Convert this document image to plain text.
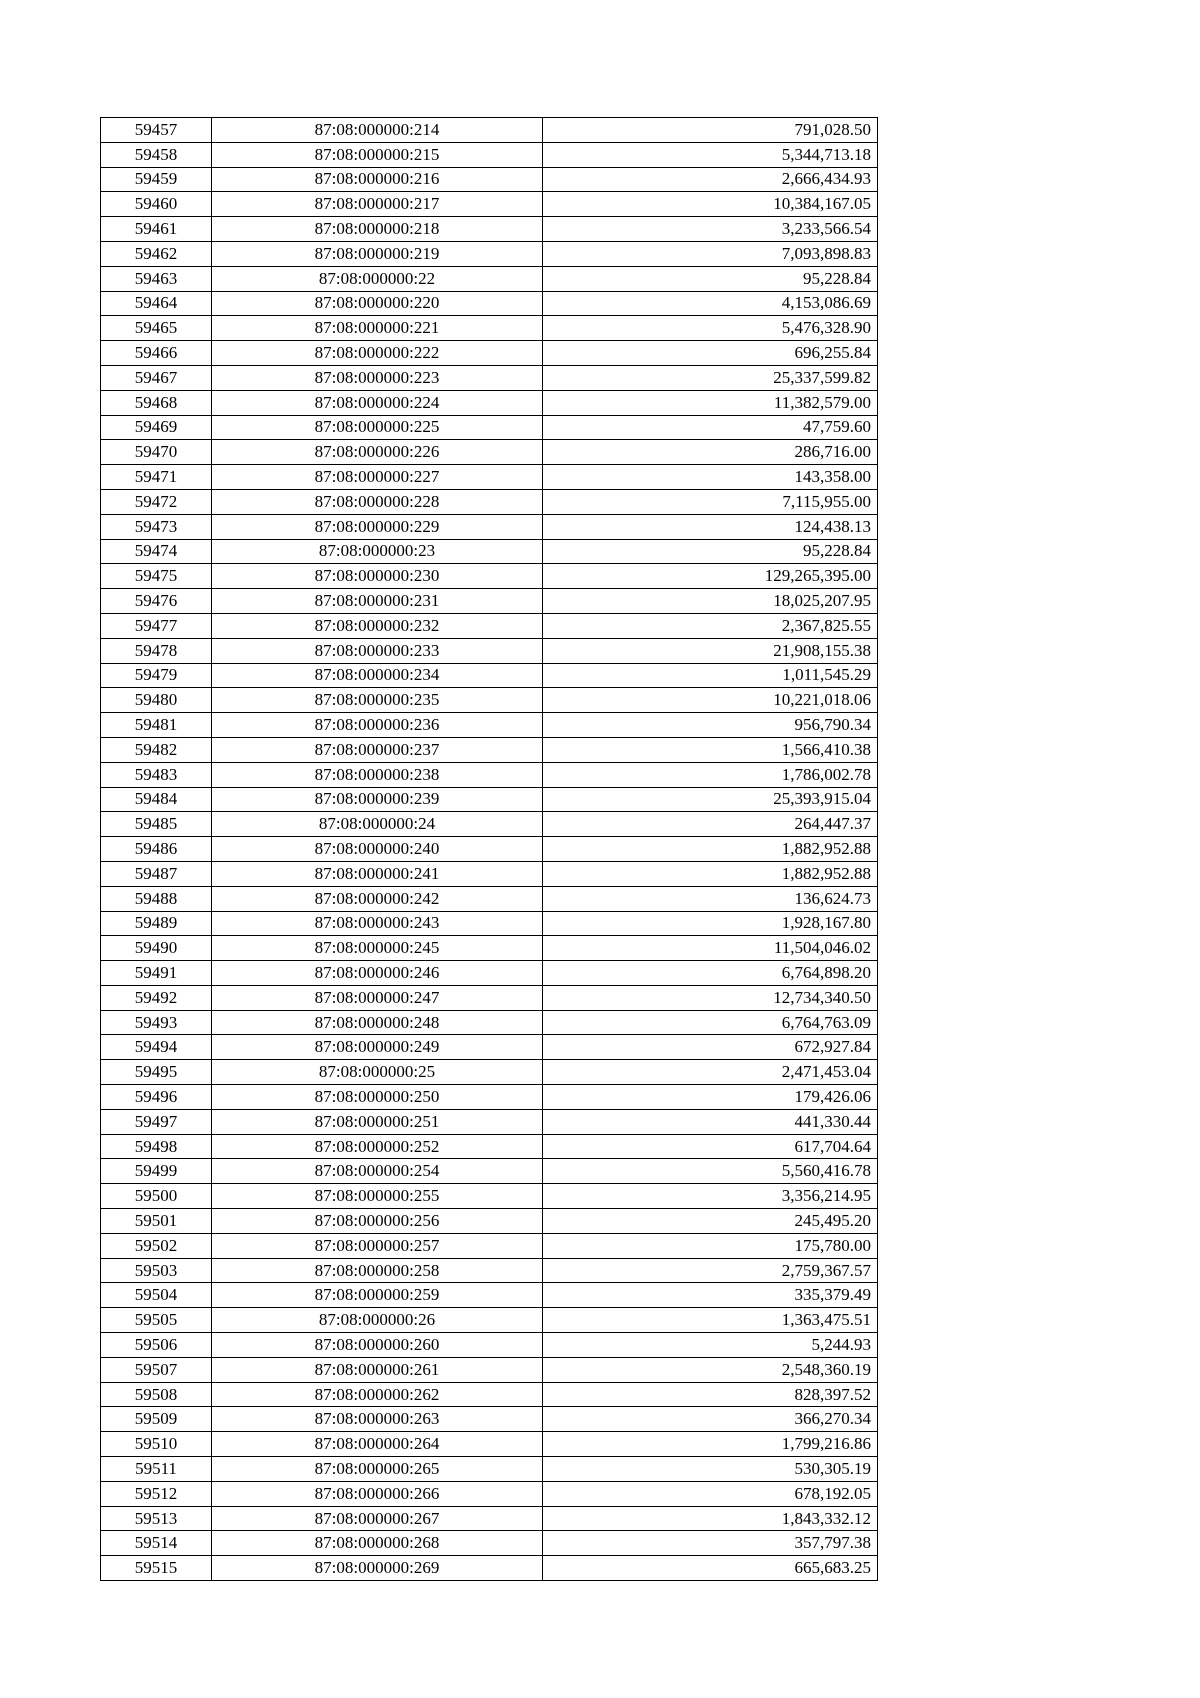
59457	87:08:000000:214	791,028.50
59458	87:08:000000:215	5,344,713.18
59459	87:08:000000:216	2,666,434.93
59460	87:08:000000:217	10,384,167.05
59461	87:08:000000:218	3,233,566.54
59462	87:08:000000:219	7,093,898.83
59463	87:08:000000:22	95,228.84
59464	87:08:000000:220	4,153,086.69
59465	87:08:000000:221	5,476,328.90
59466	87:08:000000:222	696,255.84
59467	87:08:000000:223	25,337,599.82
59468	87:08:000000:224	11,382,579.00
59469	87:08:000000:225	47,759.60
59470	87:08:000000:226	286,716.00
59471	87:08:000000:227	143,358.00
59472	87:08:000000:228	7,115,955.00
59473	87:08:000000:229	124,438.13
59474	87:08:000000:23	95,228.84
59475	87:08:000000:230	129,265,395.00
59476	87:08:000000:231	18,025,207.95
59477	87:08:000000:232	2,367,825.55
59478	87:08:000000:233	21,908,155.38
59479	87:08:000000:234	1,011,545.29
59480	87:08:000000:235	10,221,018.06
59481	87:08:000000:236	956,790.34
59482	87:08:000000:237	1,566,410.38
59483	87:08:000000:238	1,786,002.78
59484	87:08:000000:239	25,393,915.04
59485	87:08:000000:24	264,447.37
59486	87:08:000000:240	1,882,952.88
59487	87:08:000000:241	1,882,952.88
59488	87:08:000000:242	136,624.73
59489	87:08:000000:243	1,928,167.80
59490	87:08:000000:245	11,504,046.02
59491	87:08:000000:246	6,764,898.20
59492	87:08:000000:247	12,734,340.50
59493	87:08:000000:248	6,764,763.09
59494	87:08:000000:249	672,927.84
59495	87:08:000000:25	2,471,453.04
59496	87:08:000000:250	179,426.06
59497	87:08:000000:251	441,330.44
59498	87:08:000000:252	617,704.64
59499	87:08:000000:254	5,560,416.78
59500	87:08:000000:255	3,356,214.95
59501	87:08:000000:256	245,495.20
59502	87:08:000000:257	175,780.00
59503	87:08:000000:258	2,759,367.57
59504	87:08:000000:259	335,379.49
59505	87:08:000000:26	1,363,475.51
59506	87:08:000000:260	5,244.93
59507	87:08:000000:261	2,548,360.19
59508	87:08:000000:262	828,397.52
59509	87:08:000000:263	366,270.34
59510	87:08:000000:264	1,799,216.86
59511	87:08:000000:265	530,305.19
59512	87:08:000000:266	678,192.05
59513	87:08:000000:267	1,843,332.12
59514	87:08:000000:268	357,797.38
59515	87:08:000000:269	665,683.25
